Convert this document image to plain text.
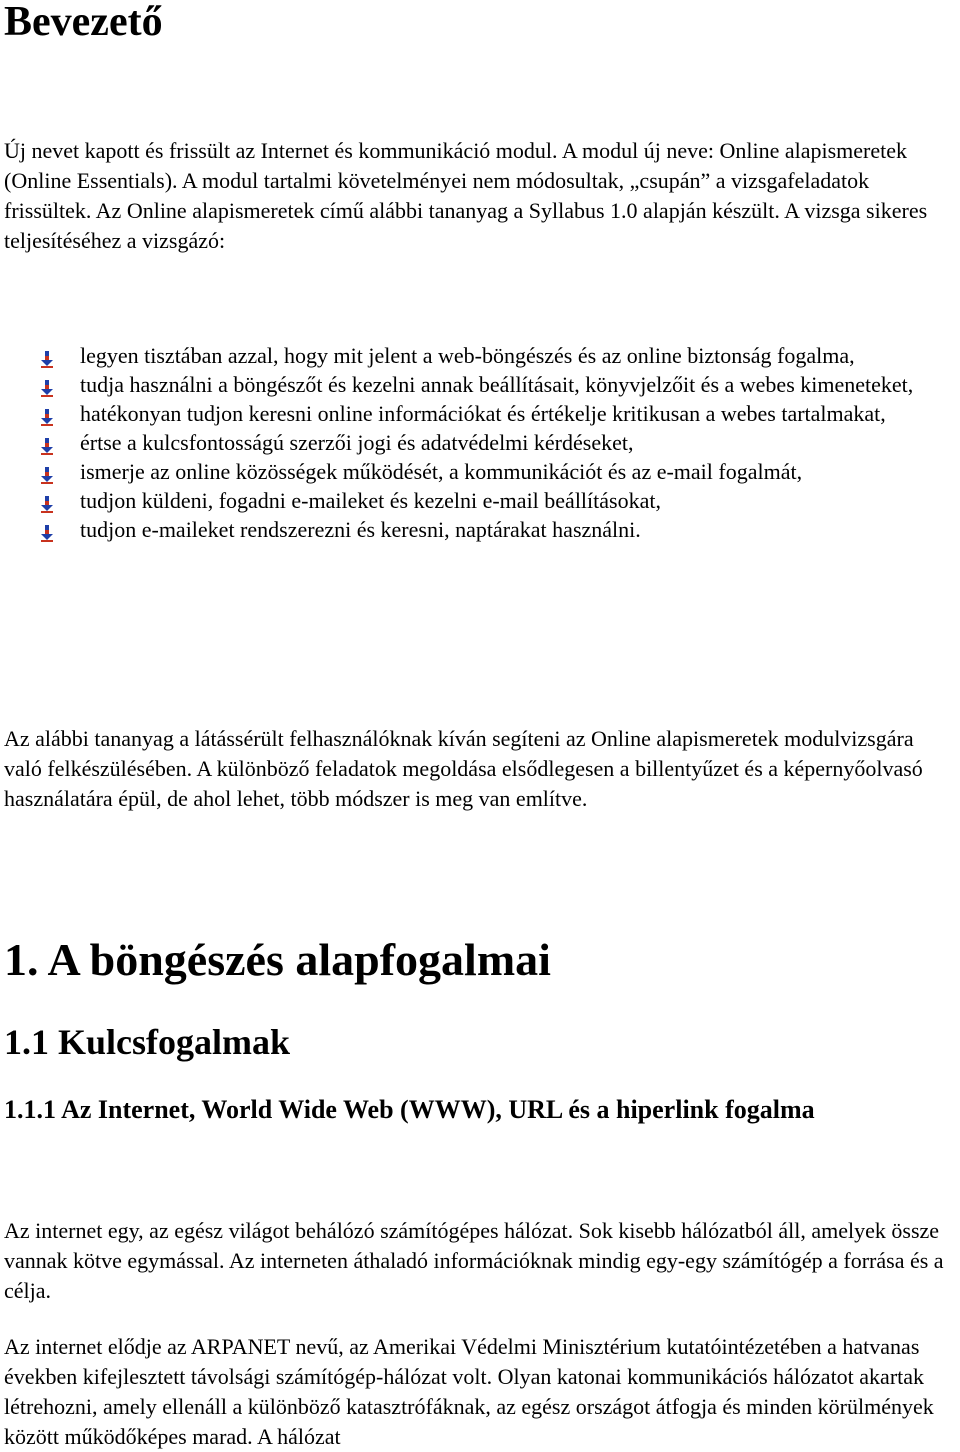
Bevezető

Új nevet kapott és frissült az Internet és kommunikáció modul. A modul új neve: Online alapismeretek (Online Essentials). A modul tartalmi követelményei nem módosultak, „csupán” a vizsgafeladatok frissültek. Az Online alapismeretek című alábbi tananyag a Syllabus 1.0 alapján készült. A vizsga sikeres teljesítéséhez a vizsgázó:

legyen tisztában azzal, hogy mit jelent a web-böngészés és az online biztonság fogalma,
tudja használni a böngészőt és kezelni annak beállításait, könyvjelzőit és a webes kimeneteket,
hatékonyan tudjon keresni online információkat és értékelje kritikusan a webes tartalmakat,
értse a kulcsfontosságú szerzői jogi és adatvédelmi kérdéseket,
ismerje az online közösségek működését, a kommunikációt és az e-mail fogalmát,
tudjon küldeni, fogadni e-maileket és kezelni e-mail beállításokat,
tudjon e-maileket rendszerezni és keresni, naptárakat használni.

Az alábbi tananyag a látássérült felhasználóknak kíván segíteni az Online alapismeretek modulvizsgára való felkészülésében. A különböző feladatok megoldása elsődlegesen a billentyűzet és a képernyőolvasó használatára épül, de ahol lehet, több módszer is meg van említve.

1. A böngészés alapfogalmai
1.1 Kulcsfogalmak
1.1.1 Az Internet, World Wide Web (WWW), URL és a hiperlink fogalma

Az internet egy, az egész világot behálózó számítógépes hálózat. Sok kisebb hálózatból áll, amelyek össze vannak kötve egymással. Az interneten áthaladó információknak mindig egy-egy számítógép a forrása és a célja.

Az internet elődje az ARPANET nevű, az Amerikai Védelmi Minisztérium kutatóintézetében a hatvanas években kifejlesztett távolsági számítógép-hálózat volt. Olyan katonai kommunikációs hálózatot akartak létrehozni, amely ellenáll a különböző katasztrófáknak, az egész országot átfogja és minden körülmények között működőképes marad. A hálózat
